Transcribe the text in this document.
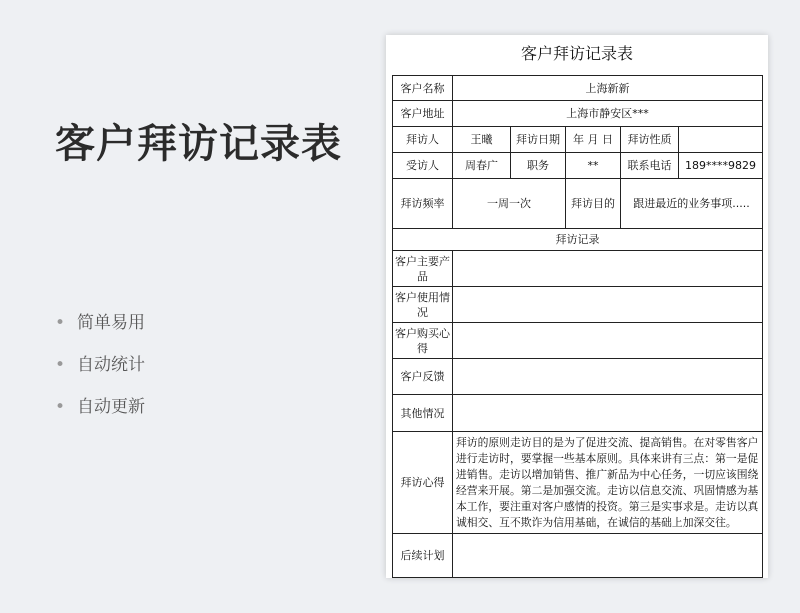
客户拜访记录表
• 简单易用
• 自动统计
• 自动更新
客户拜访记录表
客户名称	上海新新				
客户地址	上海市静安区***				
拜访人	王曦	拜访日期	年 月 日	拜访性质	
受访人	周春广	职务	**	联系电话	189****9829
拜访频率	一周一次		拜访目的	跟进最近的业务事项.....	
拜访记录					
客户主要产品					
客户使用情况					
客户购买心得					
客户反馈					
其他情况					
拜访心得	拜访的原则走访目的是为了促进交流、提高销售。在对零售客户进行走访时，要掌握一些基本原则。具体来讲有三点：第一是促进销售。走访以增加销售、推广新品为中心任务，一切应该围绕经营来开展。第二是加强交流。走访以信息交流、巩固情感为基本工作，要注重对客户感情的投资。第三是实事求是。走访以真诚相交、互不欺诈为信用基础，在诚信的基础上加深交往。				
后续计划					
